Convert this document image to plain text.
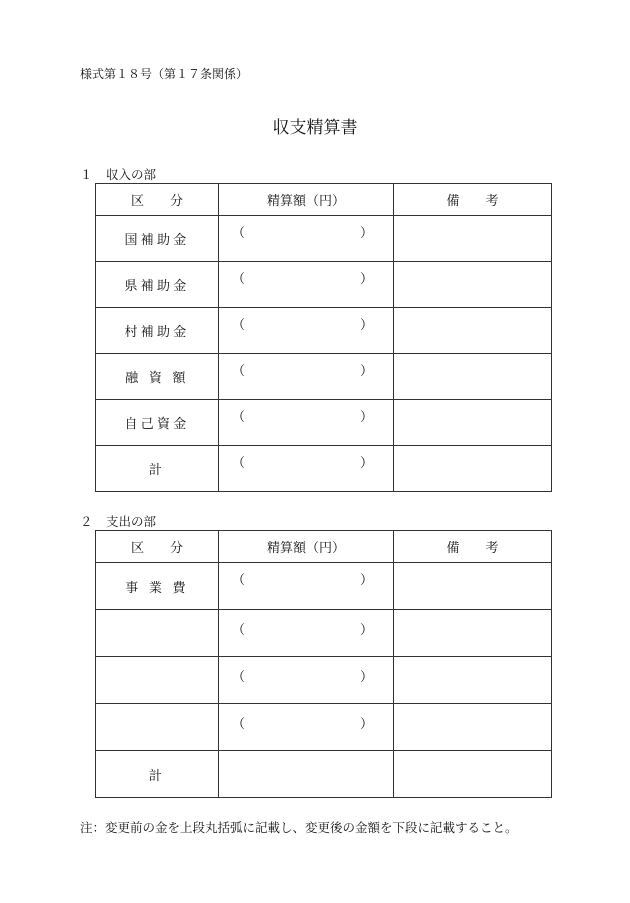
様式第１８号（第１７条関係）
収支精算書
１ 収入の部
区　　分	精算額（円）	備　　考
国補助金	（ ）	

県補助金	（ ）	

村補助金	（ ）	

融 資 額	（ ）	

自己資金	（ ）	

計	（ ）	

２ 支出の部
区　　分	精算額（円）	備　　考
事 業 費	（ ）	

	（ ）	

	（ ）	

	（ ）	

計	

注：変更前の金を上段丸括弧に記載し、変更後の金額を下段に記載すること。
